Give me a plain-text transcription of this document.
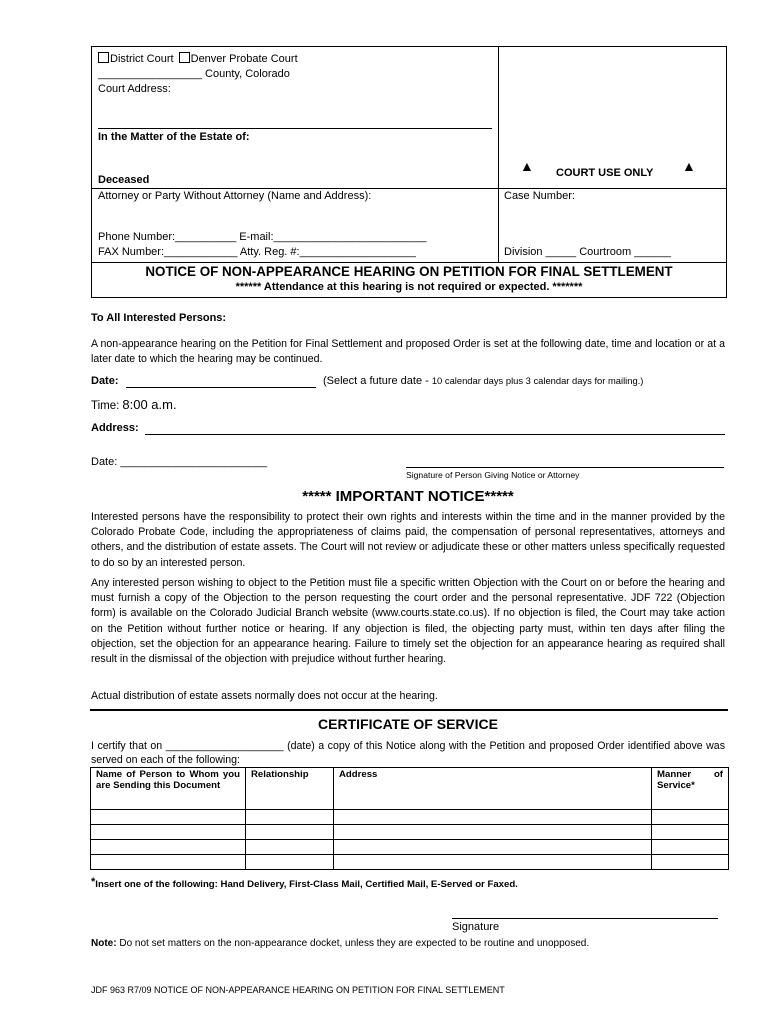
District Court Denver Probate Court
_________________ County, Colorado
Court Address:
In the Matter of the Estate of:
Deceased
▲ COURT USE ONLY ▲
Attorney or Party Without Attorney (Name and Address):	Case Number:
Phone Number:__________ E-mail:_________________________
FAX Number:____________ Atty. Reg. #:___________________	Division _____ Courtroom ______
NOTICE OF NON-APPEARANCE HEARING ON PETITION FOR FINAL SETTLEMENT
****** Attendance at this hearing is not required or expected. *******
To All Interested Persons:
A non-appearance hearing on the Petition for Final Settlement and proposed Order is set at the following date, time and location or at a later date to which the hearing may be continued.
Date:	(Select a future date - 10 calendar days plus 3 calendar days for mailing.)
Time: 8:00 a.m.
Address:
Date: ________________________
Signature of Person Giving Notice or Attorney
***** IMPORTANT NOTICE*****
Interested persons have the responsibility to protect their own rights and interests within the time and in the manner provided by the Colorado Probate Code, including the appropriateness of claims paid, the compensation of personal representatives, attorneys and others, and the distribution of estate assets. The Court will not review or adjudicate these or other matters unless specifically requested to do so by an interested person.
Any interested person wishing to object to the Petition must file a specific written Objection with the Court on or before the hearing and must furnish a copy of the Objection to the person requesting the court order and the personal representative. JDF 722 (Objection form) is available on the Colorado Judicial Branch website (www.courts.state.co.us). If no objection is filed, the Court may take action on the Petition without further notice or hearing. If any objection is filed, the objecting party must, within ten days after filing the objection, set the objection for an appearance hearing. Failure to timely set the objection for an appearance hearing as required shall result in the dismissal of the objection with prejudice without further hearing.
Actual distribution of estate assets normally does not occur at the hearing.
CERTIFICATE OF SERVICE
I certify that on ____________________ (date) a copy of this Notice along with the Petition and proposed Order identified above was served on each of the following:
Name of Person to Whom you are Sending this Document	Relationship	Address	Manner of Service*

*Insert one of the following: Hand Delivery, First-Class Mail, Certified Mail, E-Served or Faxed.
Signature
Note: Do not set matters on the non-appearance docket, unless they are expected to be routine and unopposed.
JDF 963 R7/09 NOTICE OF NON-APPEARANCE HEARING ON PETITION FOR FINAL SETTLEMENT
